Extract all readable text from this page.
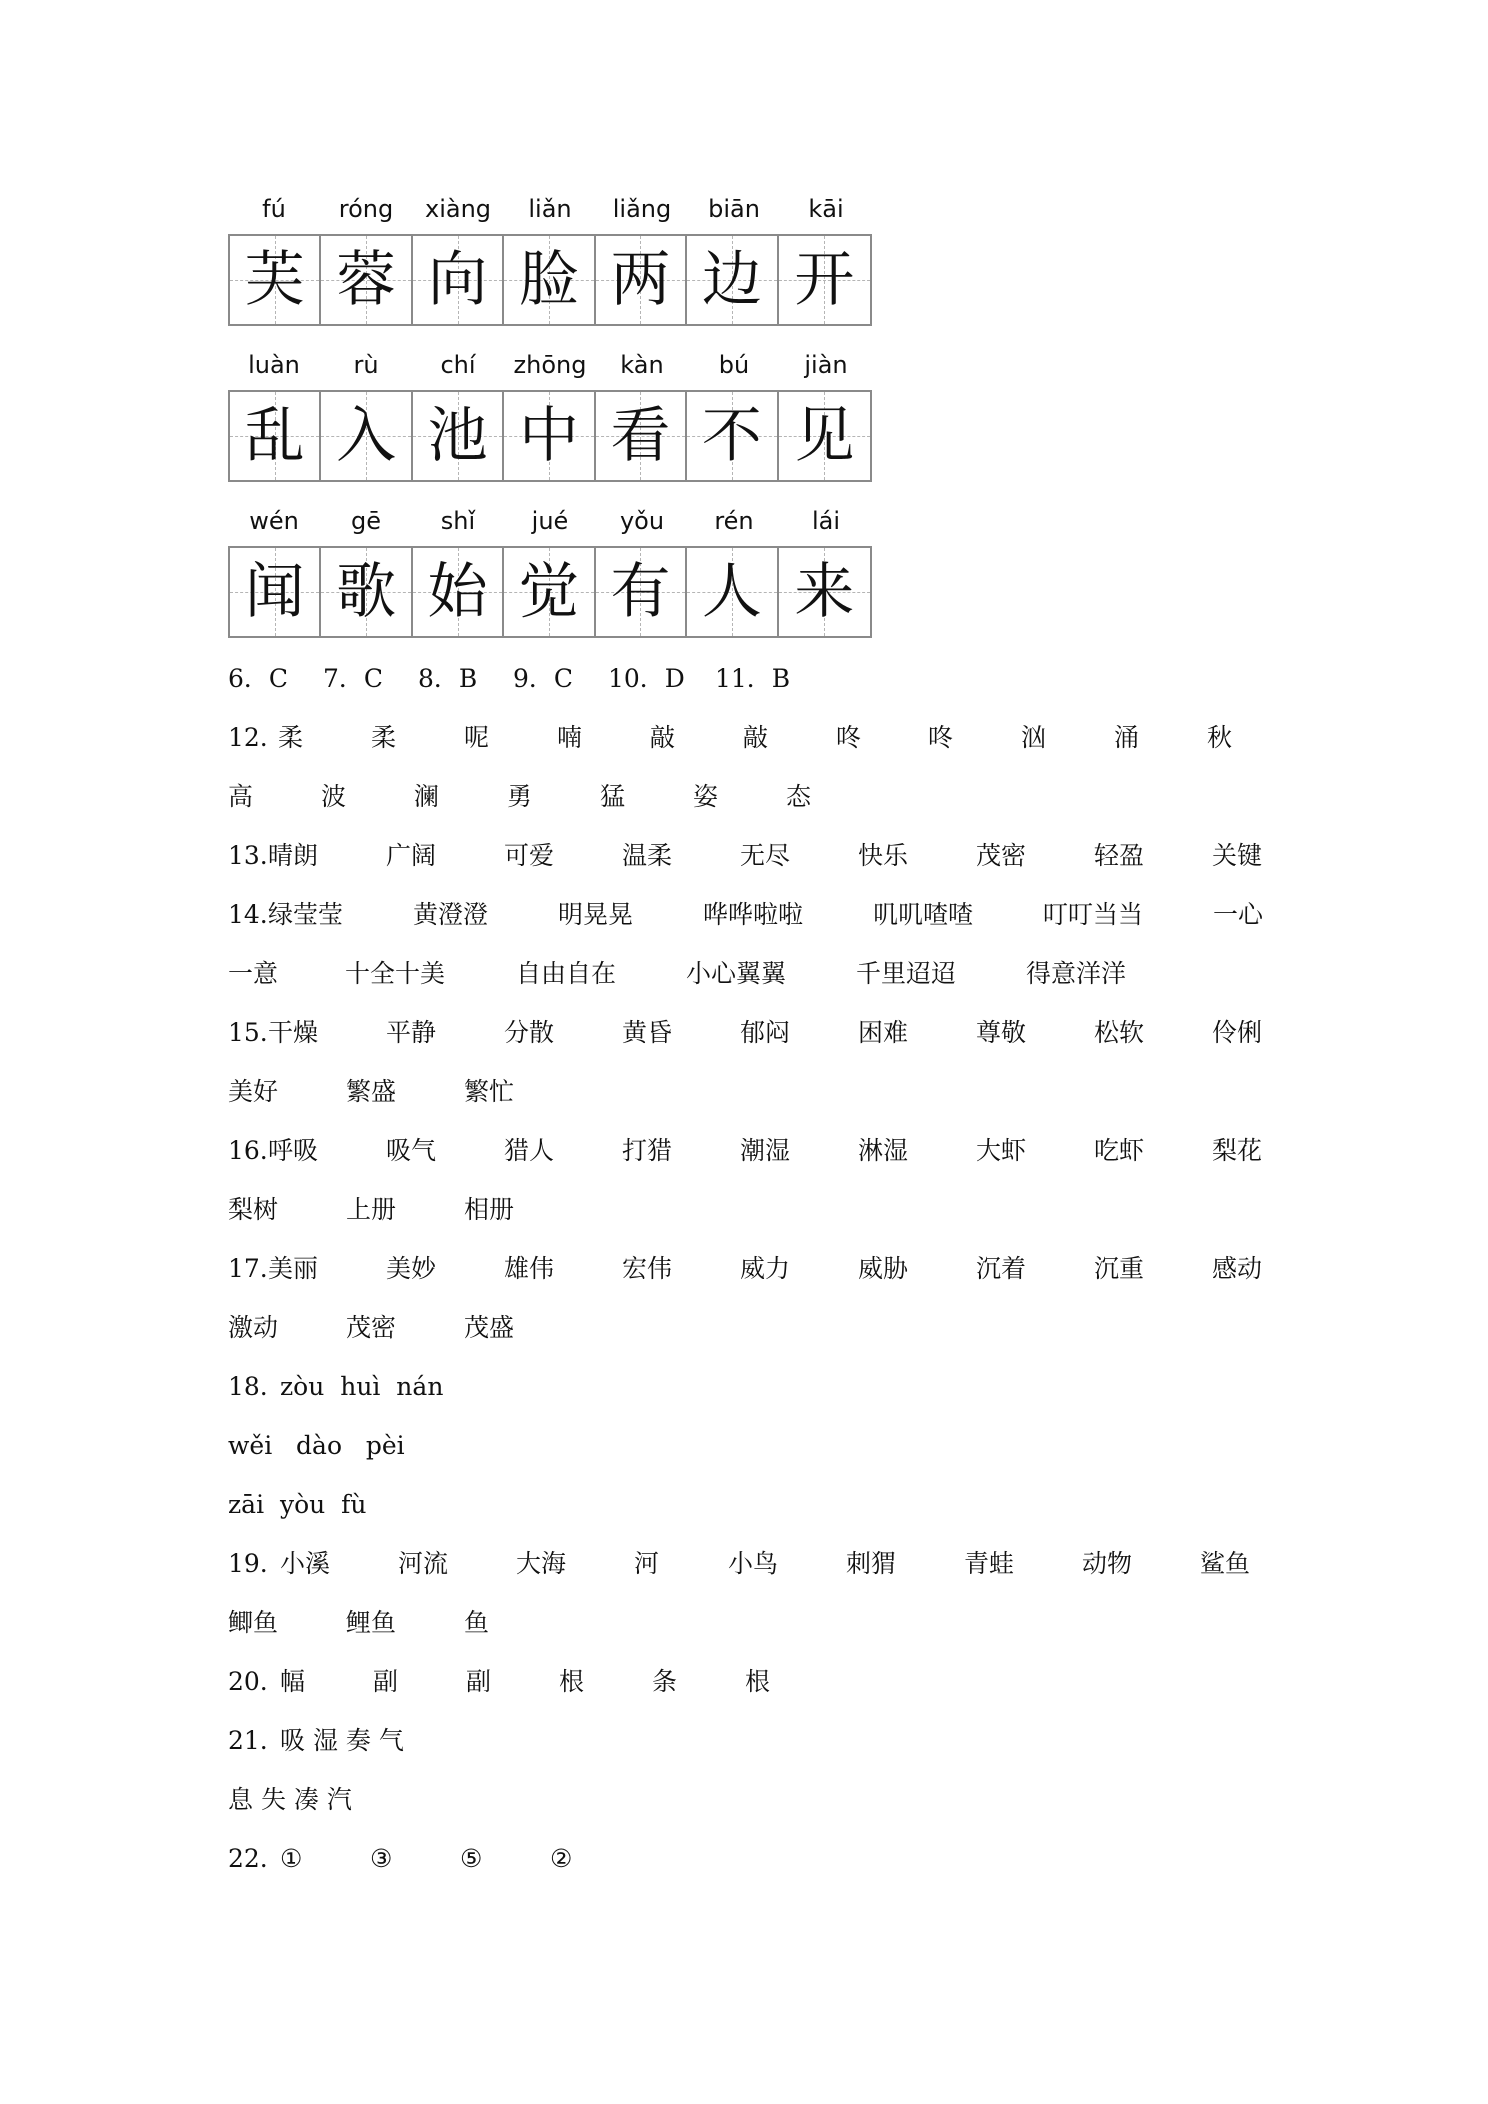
fú	róng	xiàng	liǎn	liǎng	biān	kāi
芙 蓉 向 脸 两 边 开
luàn	rù	chí	zhōng	kàn	bú	jiàn
乱 入 池 中 看 不 见
wén	gē	shǐ	jué	yǒu	rén	lái
闻 歌 始 觉 有 人 来
6．C 7．C 8．B 9．C 10．D 11．B
12. 柔	柔	呢	喃	敲	敲	咚	咚	汹	涌	秋
高	波	澜	勇	猛	姿	态
13. 晴朗	广阔	可爱	温柔	无尽	快乐	茂密	轻盈	关键
14. 绿莹莹	黄澄澄	明晃晃	哗哗啦啦	叽叽喳喳	叮叮当当	一心
一意	十全十美	自由自在	小心翼翼	千里迢迢	得意洋洋
15. 干燥	平静	分散	黄昏	郁闷	困难	尊敬	松软	伶俐
美好	繁盛	繁忙
16. 呼吸	吸气	猎人	打猎	潮湿	淋湿	大虾	吃虾	梨花
梨树	上册	相册
17. 美丽	美妙	雄伟	宏伟	威力	威胁	沉着	沉重	感动
激动	茂密	茂盛
18. zòu  huì  nán
wěi   dào   pèi
zāi  yòu  fù
19. 小溪	河流	大海	河	小鸟	刺猬	青蛙	动物	鲨鱼
鲫鱼	鲤鱼	鱼
20. 幅	副	副	根	条	根
21. 吸 湿 奏 气
息 失 凑 汽
22. ①	③	⑤	②
